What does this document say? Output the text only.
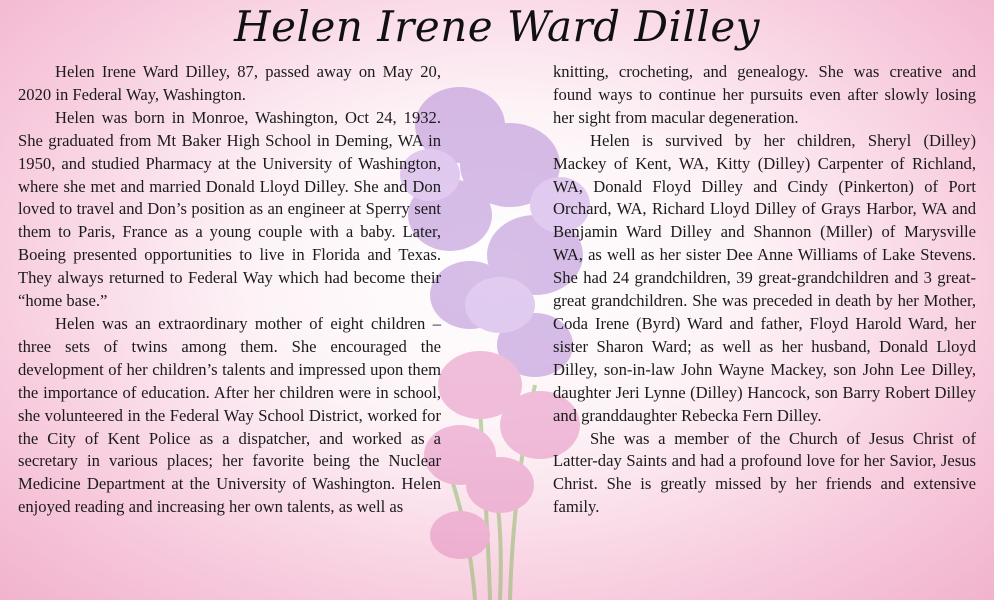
Helen Irene Ward Dilley

Helen Irene Ward Dilley, 87, passed away on May 20, 2020 in Federal Way, Washington.

Helen was born in Monroe, Washington, Oct 24, 1932. She graduated from Mt Baker High School in Deming, WA in 1950, and studied Pharmacy at the University of Washington, where she met and married Donald Lloyd Dilley. She and Don loved to travel and Don’s position as an engineer at Sperry sent them to Paris, France as a young couple with a baby. Later, Boeing presented opportunities to live in Florida and Texas. They always returned to Federal Way which had become their “home base.”

Helen was an extraordinary mother of eight children – three sets of twins among them. She encouraged the development of her children’s talents and impressed upon them the importance of education. After her children were in school, she volunteered in the Federal Way School District, worked for the City of Kent Police as a dispatcher, and worked as a secretary in various places; her favorite being the Nuclear Medicine Department at the University of Washington. Helen enjoyed reading and increasing her own talents, as well as

knitting, crocheting, and genealogy. She was creative and found ways to continue her pursuits even after slowly losing her sight from macular degeneration.

Helen is survived by her children, Sheryl (Dilley) Mackey of Kent, WA, Kitty (Dilley) Carpenter of Richland, WA, Donald Floyd Dilley and Cindy (Pinkerton) of Port Orchard, WA, Richard Lloyd Dilley of Grays Harbor, WA and Benjamin Ward Dilley and Shannon (Miller) of Marysville WA, as well as her sister Dee Anne Williams of Lake Stevens. She had 24 grandchildren, 39 great-grandchildren and 3 great-great grandchildren. She was preceded in death by her Mother, Coda Irene (Byrd) Ward and father, Floyd Harold Ward, her sister Sharon Ward; as well as her husband, Donald Lloyd Dilley, son-in-law John Wayne Mackey, son John Lee Dilley, daughter Jeri Lynne (Dilley) Hancock, son Barry Robert Dilley and granddaughter Rebecka Fern Dilley.

She was a member of the Church of Jesus Christ of Latter-day Saints and had a profound love for her Savior, Jesus Christ. She is greatly missed by her friends and extensive family.
